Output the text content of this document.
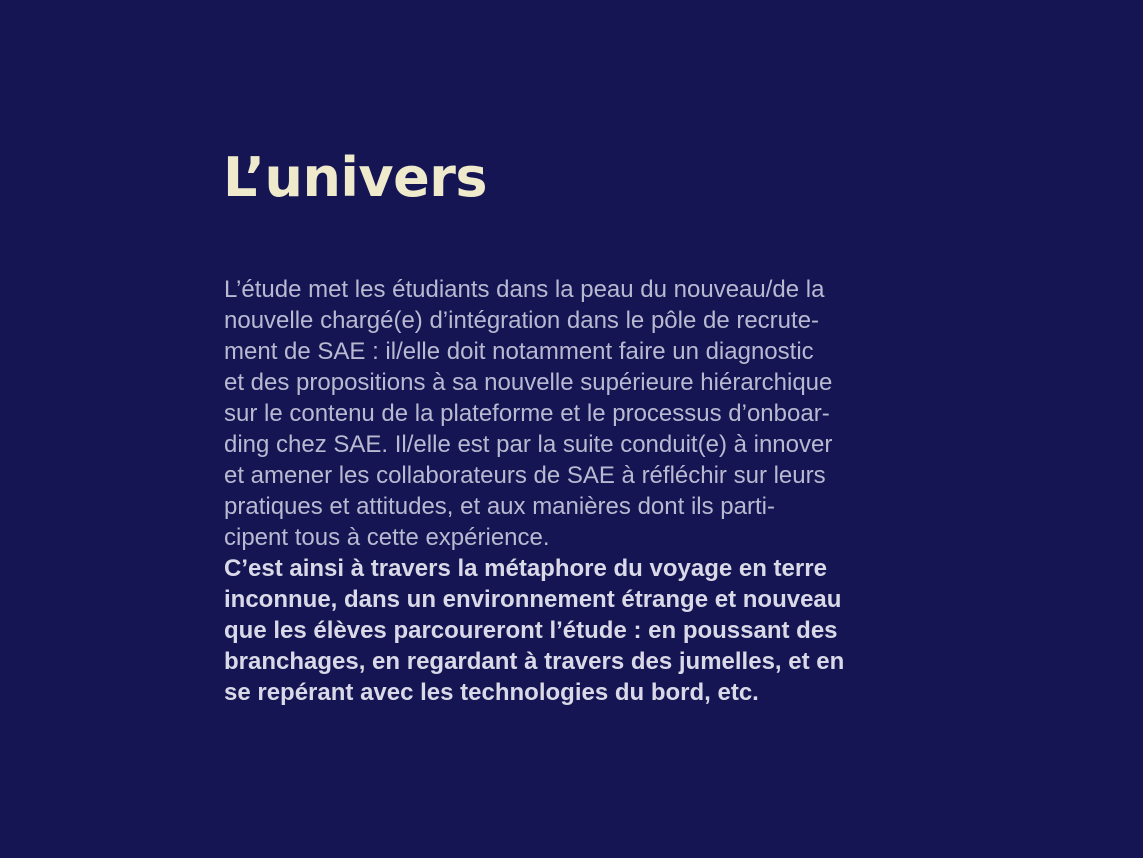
L’univers
L’étude met les étudiants dans la peau du nouveau/de la
nouvelle chargé(e) d’intégration dans le pôle de recrute-
ment de SAE : il/elle doit notamment faire un diagnostic
et des propositions à sa nouvelle supérieure hiérarchique
sur le contenu de la plateforme et le processus d’onboar-
ding chez SAE. Il/elle est par la suite conduit(e) à innover
et amener les collaborateurs de SAE à réfléchir sur leurs
pratiques et attitudes, et aux manières dont ils parti-
cipent tous à cette expérience.
C’est ainsi à travers la métaphore du voyage en terre
inconnue, dans un environnement étrange et nouveau
que les élèves parcoureront l’étude : en poussant des
branchages, en regardant à travers des jumelles, et en
se repérant avec les technologies du bord, etc.
